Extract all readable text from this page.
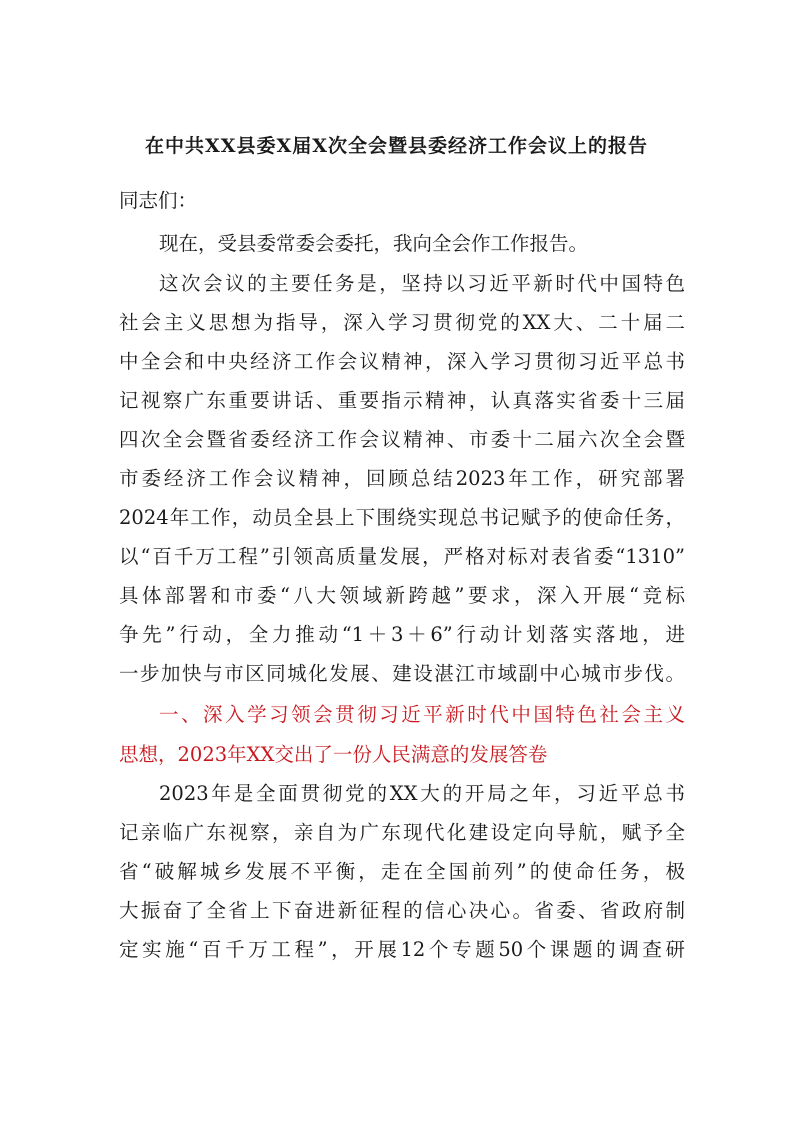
在中共XX县委X届X次全会暨县委经济工作会议上的报告
同志们：
现在，受县委常委会委托，我向全会作工作报告。
这次会议的主要任务是，坚持以习近平新时代中国特色
社会主义思想为指导，深入学习贯彻党的XX大、二十届二
中全会和中央经济工作会议精神，深入学习贯彻习近平总书
记视察广东重要讲话、重要指示精神，认真落实省委十三届
四次全会暨省委经济工作会议精神、市委十二届六次全会暨
市委经济工作会议精神，回顾总结2023年工作，研究部署
2024年工作，动员全县上下围绕实现总书记赋予的使命任务，
以“百千万工程”引领高质量发展，严格对标对表省委“1310”
具体部署和市委“八大领域新跨越”要求，深入开展“竞标
争先”行动，全力推动“1＋3＋6”行动计划落实落地，进
一步加快与市区同城化发展、建设湛江市域副中心城市步伐。
一、深入学习领会贯彻习近平新时代中国特色社会主义
思想，2023年XX交出了一份人民满意的发展答卷
2023年是全面贯彻党的XX大的开局之年，习近平总书
记亲临广东视察，亲自为广东现代化建设定向导航，赋予全
省“破解城乡发展不平衡，走在全国前列”的使命任务，极
大振奋了全省上下奋进新征程的信心决心。省委、省政府制
定实施“百千万工程”，开展12个专题50个课题的调查研
